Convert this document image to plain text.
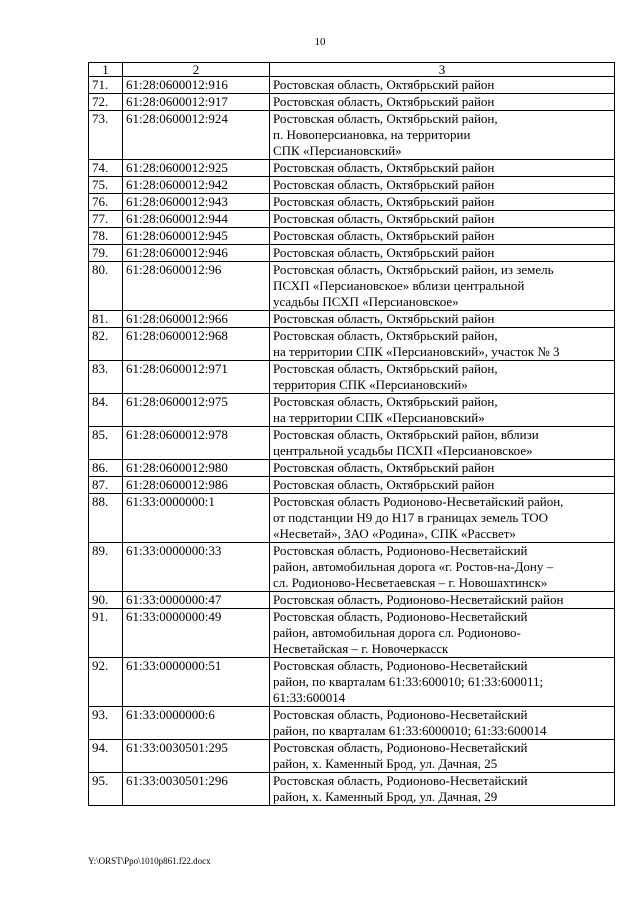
10
1	2	3
71.	61:28:0600012:916	Ростовская область, Октябрьский район

72.	61:28:0600012:917	Ростовская область, Октябрьский район

73.	61:28:0600012:924	Ростовская область, Октябрьский район,
п. Новоперсиановка, на территории
СПК «Персиановский»

74.	61:28:0600012:925	Ростовская область, Октябрьский район

75.	61:28:0600012:942	Ростовская область, Октябрьский район

76.	61:28:0600012:943	Ростовская область, Октябрьский район

77.	61:28:0600012:944	Ростовская область, Октябрьский район

78.	61:28:0600012:945	Ростовская область, Октябрьский район

79.	61:28:0600012:946	Ростовская область, Октябрьский район

80.	61:28:0600012:96	Ростовская область, Октябрьский район, из земель
ПСХП «Персиановское» вблизи центральной
усадьбы ПСХП «Персиановское»

81.	61:28:0600012:966	Ростовская область, Октябрьский район

82.	61:28:0600012:968	Ростовская область, Октябрьский район,
на территории СПК «Персиановский», участок № 3

83.	61:28:0600012:971	Ростовская область, Октябрьский район,
территория СПК «Персиановский»

84.	61:28:0600012:975	Ростовская область, Октябрьский район,
на территории СПК «Персиановский»

85.	61:28:0600012:978	Ростовская область, Октябрьский район, вблизи
центральной усадьбы ПСХП «Персиановское»

86.	61:28:0600012:980	Ростовская область, Октябрьский район

87.	61:28:0600012:986	Ростовская область, Октябрьский район

88.	61:33:0000000:1	Ростовская область Родионово-Несветайский район,
от подстанции Н9 до Н17 в границах земель ТОО
«Несветай», ЗАО «Родина», СПК «Рассвет»

89.	61:33:0000000:33	Ростовская область, Родионово-Несветайский
район, автомобильная дорога «г. Ростов-на-Дону –
сл. Родионово-Несветаевская – г. Новошахтинск»

90.	61:33:0000000:47	Ростовская область, Родионово-Несветайский район

91.	61:33:0000000:49	Ростовская область, Родионово-Несветайский
район, автомобильная дорога сл. Родионово-
Несветайская – г. Новочеркасск

92.	61:33:0000000:51	Ростовская область, Родионово-Несветайский
район, по кварталам 61:33:600010; 61:33:600011;
61:33:600014

93.	61:33:0000000:6	Ростовская область, Родионово-Несветайский
район, по кварталам 61:33:6000010; 61:33:600014

94.	61:33:0030501:295	Ростовская область, Родионово-Несветайский
район, х. Каменный Брод, ул. Дачная, 25

95.	61:33:0030501:296	Ростовская область, Родионово-Несветайский
район, х. Каменный Брод, ул. Дачная, 29
Y:\ORST\Ppo\1010p861.f22.docx
